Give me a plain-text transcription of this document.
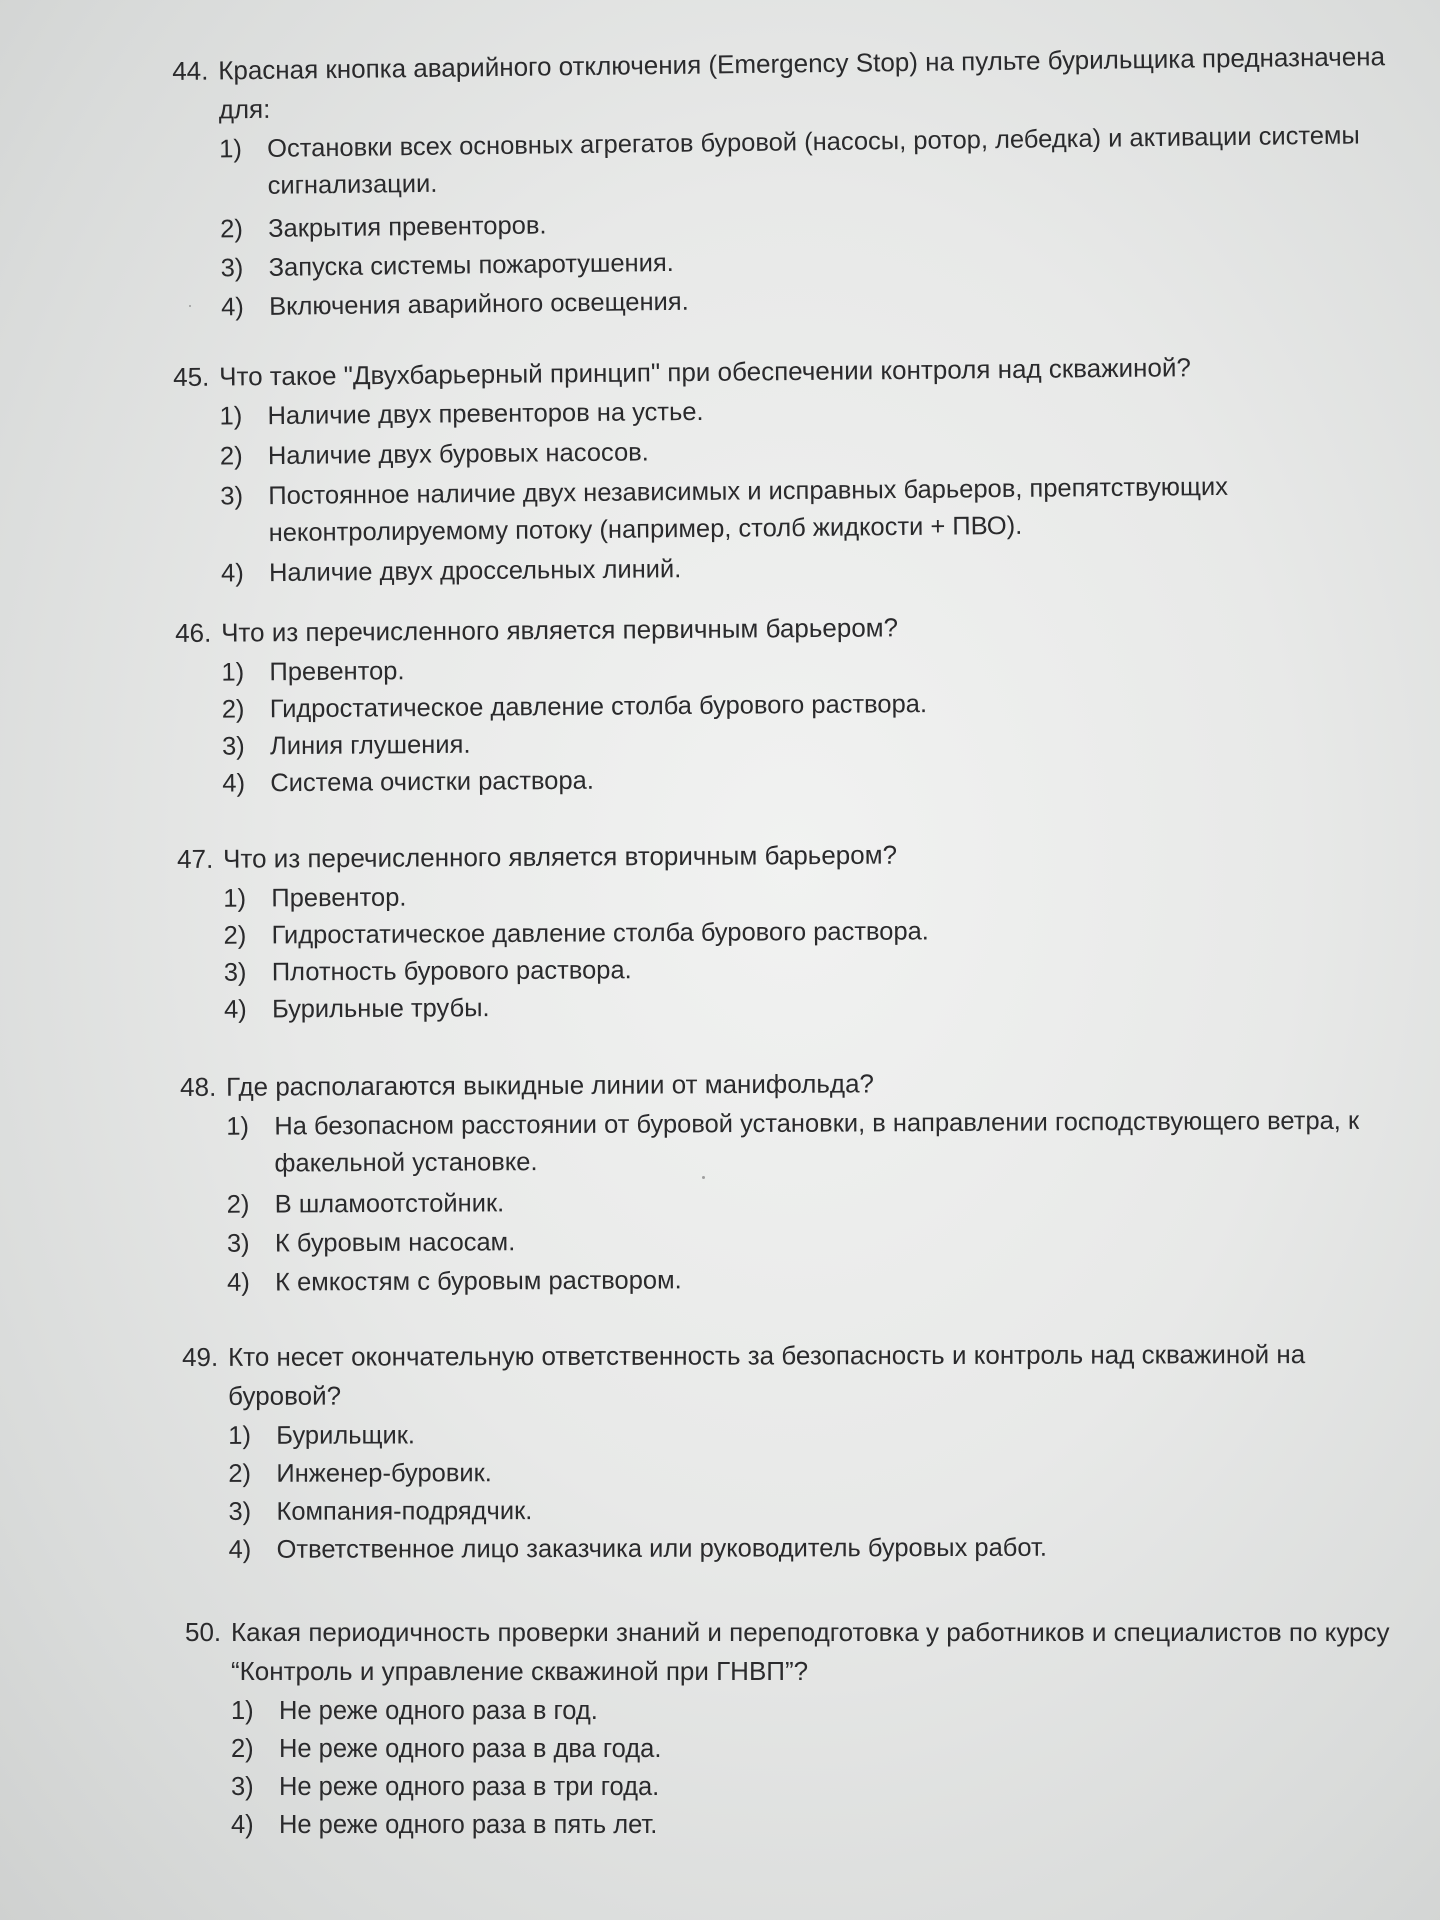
44. Красная кнопка аварийного отключения (Emergency Stop) на пульте бурильщика предназначена для:
1) Остановки всех основных агрегатов буровой (насосы, ротор, лебедка) и активации системы сигнализации.
2) Закрытия превенторов.
3) Запуска системы пожаротушения.
4) Включения аварийного освещения.
45. Что такое "Двухбарьерный принцип" при обеспечении контроля над скважиной?
1) Наличие двух превенторов на устье.
2) Наличие двух буровых насосов.
3) Постоянное наличие двух независимых и исправных барьеров, препятствующих неконтролируемому потоку (например, столб жидкости + ПВО).
4) Наличие двух дроссельных линий.
46. Что из перечисленного является первичным барьером?
1) Превентор.
2) Гидростатическое давление столба бурового раствора.
3) Линия глушения.
4) Система очистки раствора.
47. Что из перечисленного является вторичным барьером?
1) Превентор.
2) Гидростатическое давление столба бурового раствора.
3) Плотность бурового раствора.
4) Бурильные трубы.
48. Где располагаются выкидные линии от манифольда?
1) На безопасном расстоянии от буровой установки, в направлении господствующего ветра, к факельной установке.
2) В шламоотстойник.
3) К буровым насосам.
4) К емкостям с буровым раствором.
49. Кто несет окончательную ответственность за безопасность и контроль над скважиной на буровой?
1) Бурильщик.
2) Инженер-буровик.
3) Компания-подрядчик.
4) Ответственное лицо заказчика или руководитель буровых работ.
50. Какая периодичность проверки знаний и переподготовка у работников и специалистов по курсу “Контроль и управление скважиной при ГНВП”?
1) Не реже одного раза в год.
2) Не реже одного раза в два года.
3) Не реже одного раза в три года.
4) Не реже одного раза в пять лет.
